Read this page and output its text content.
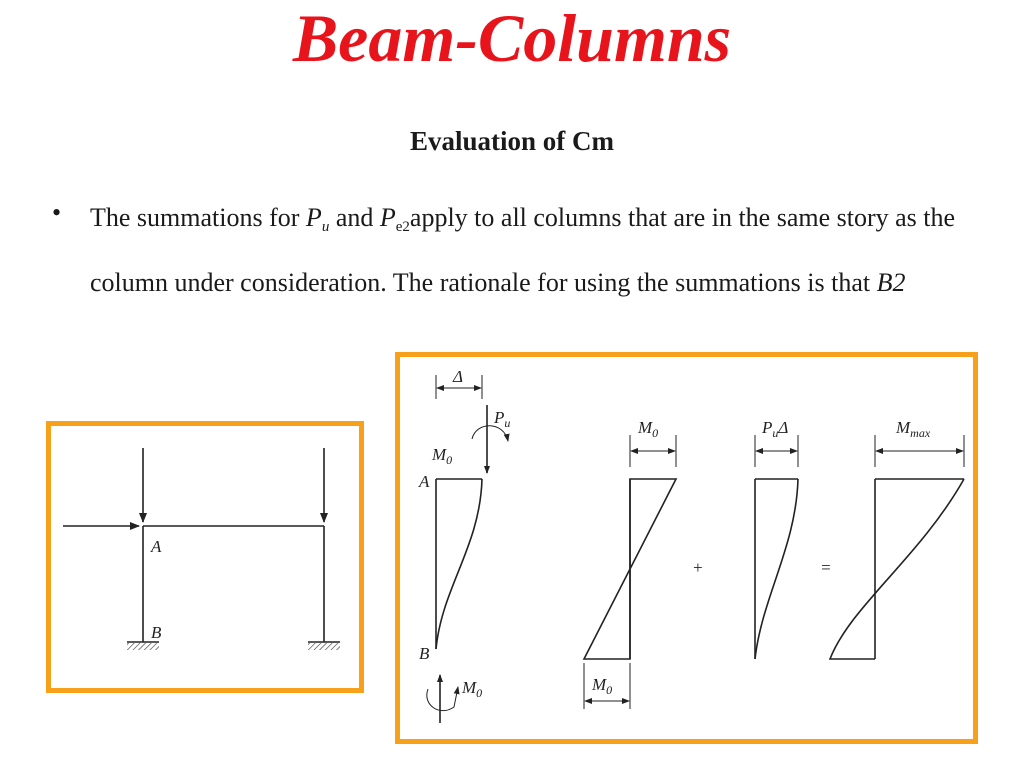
Beam-Columns
Evaluation of Cm
• The summations for $P_u$ and $P_{e2}apply$ to all columns that are in the same story as the column under consideration. The rationale for using the summations is that B2

A
B
Δ
$P_u$
$M_0$
A
B
$M_0$
$M_0$
$M_0$
+
$P_u\Delta$
=
$M_{max}$
